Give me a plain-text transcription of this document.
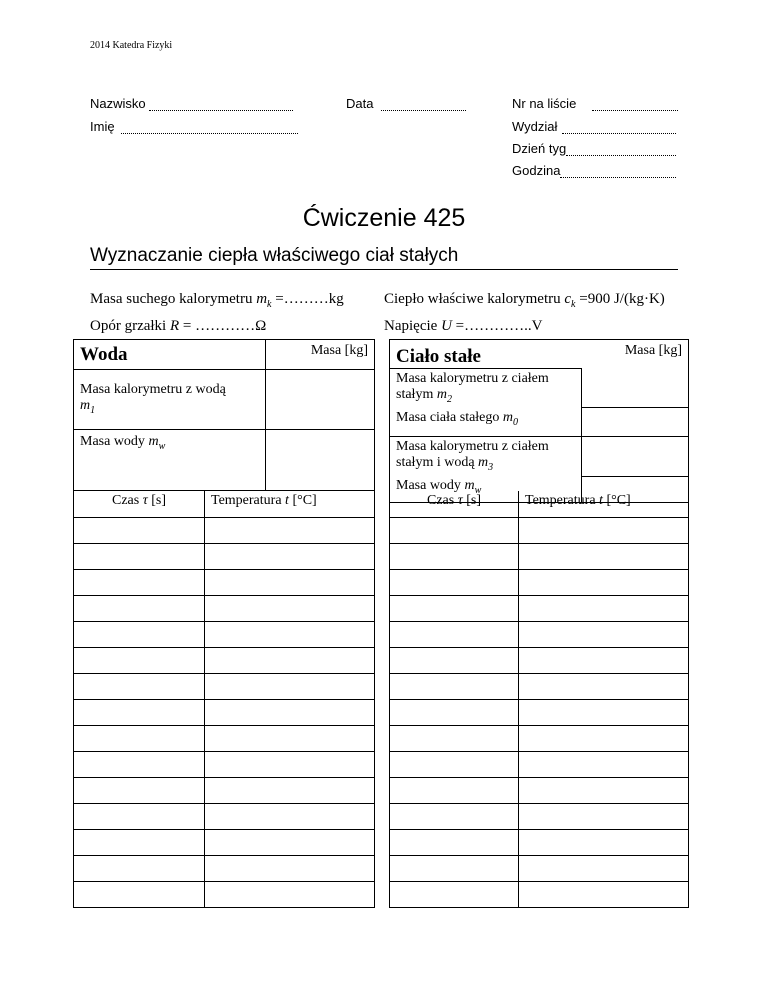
2014 Katedra Fizyki
Nazwisko	Data	Nr na liście
Imię	Wydział
Dzień tyg
Godzina
Ćwiczenie 425
Wyznaczanie ciepła właściwego ciał stałych
Masa suchego kalorymetru $m_k$ =………kg	Ciepło właściwe kalorymetru $c_k =900$ J/(kg·K)
Opór grzałki R = …………Ω	Napięcie U =…………..V
Woda	Masa [kg]
Masa kalorymetru z wodą
$m_1$	
Masa wody $m_w$	
Czas τ [s]	Temperatura t [°C]

Ciało stałe	Masa [kg]
Masa kalorymetru z ciałem
stałym $m_2$	
Masa ciała stałego $m_0$	
Masa kalorymetru z ciałem
stałym i wodą $m_3$	
Masa wody $m_w$	
Czas τ [s]	Temperatura t [°C]
